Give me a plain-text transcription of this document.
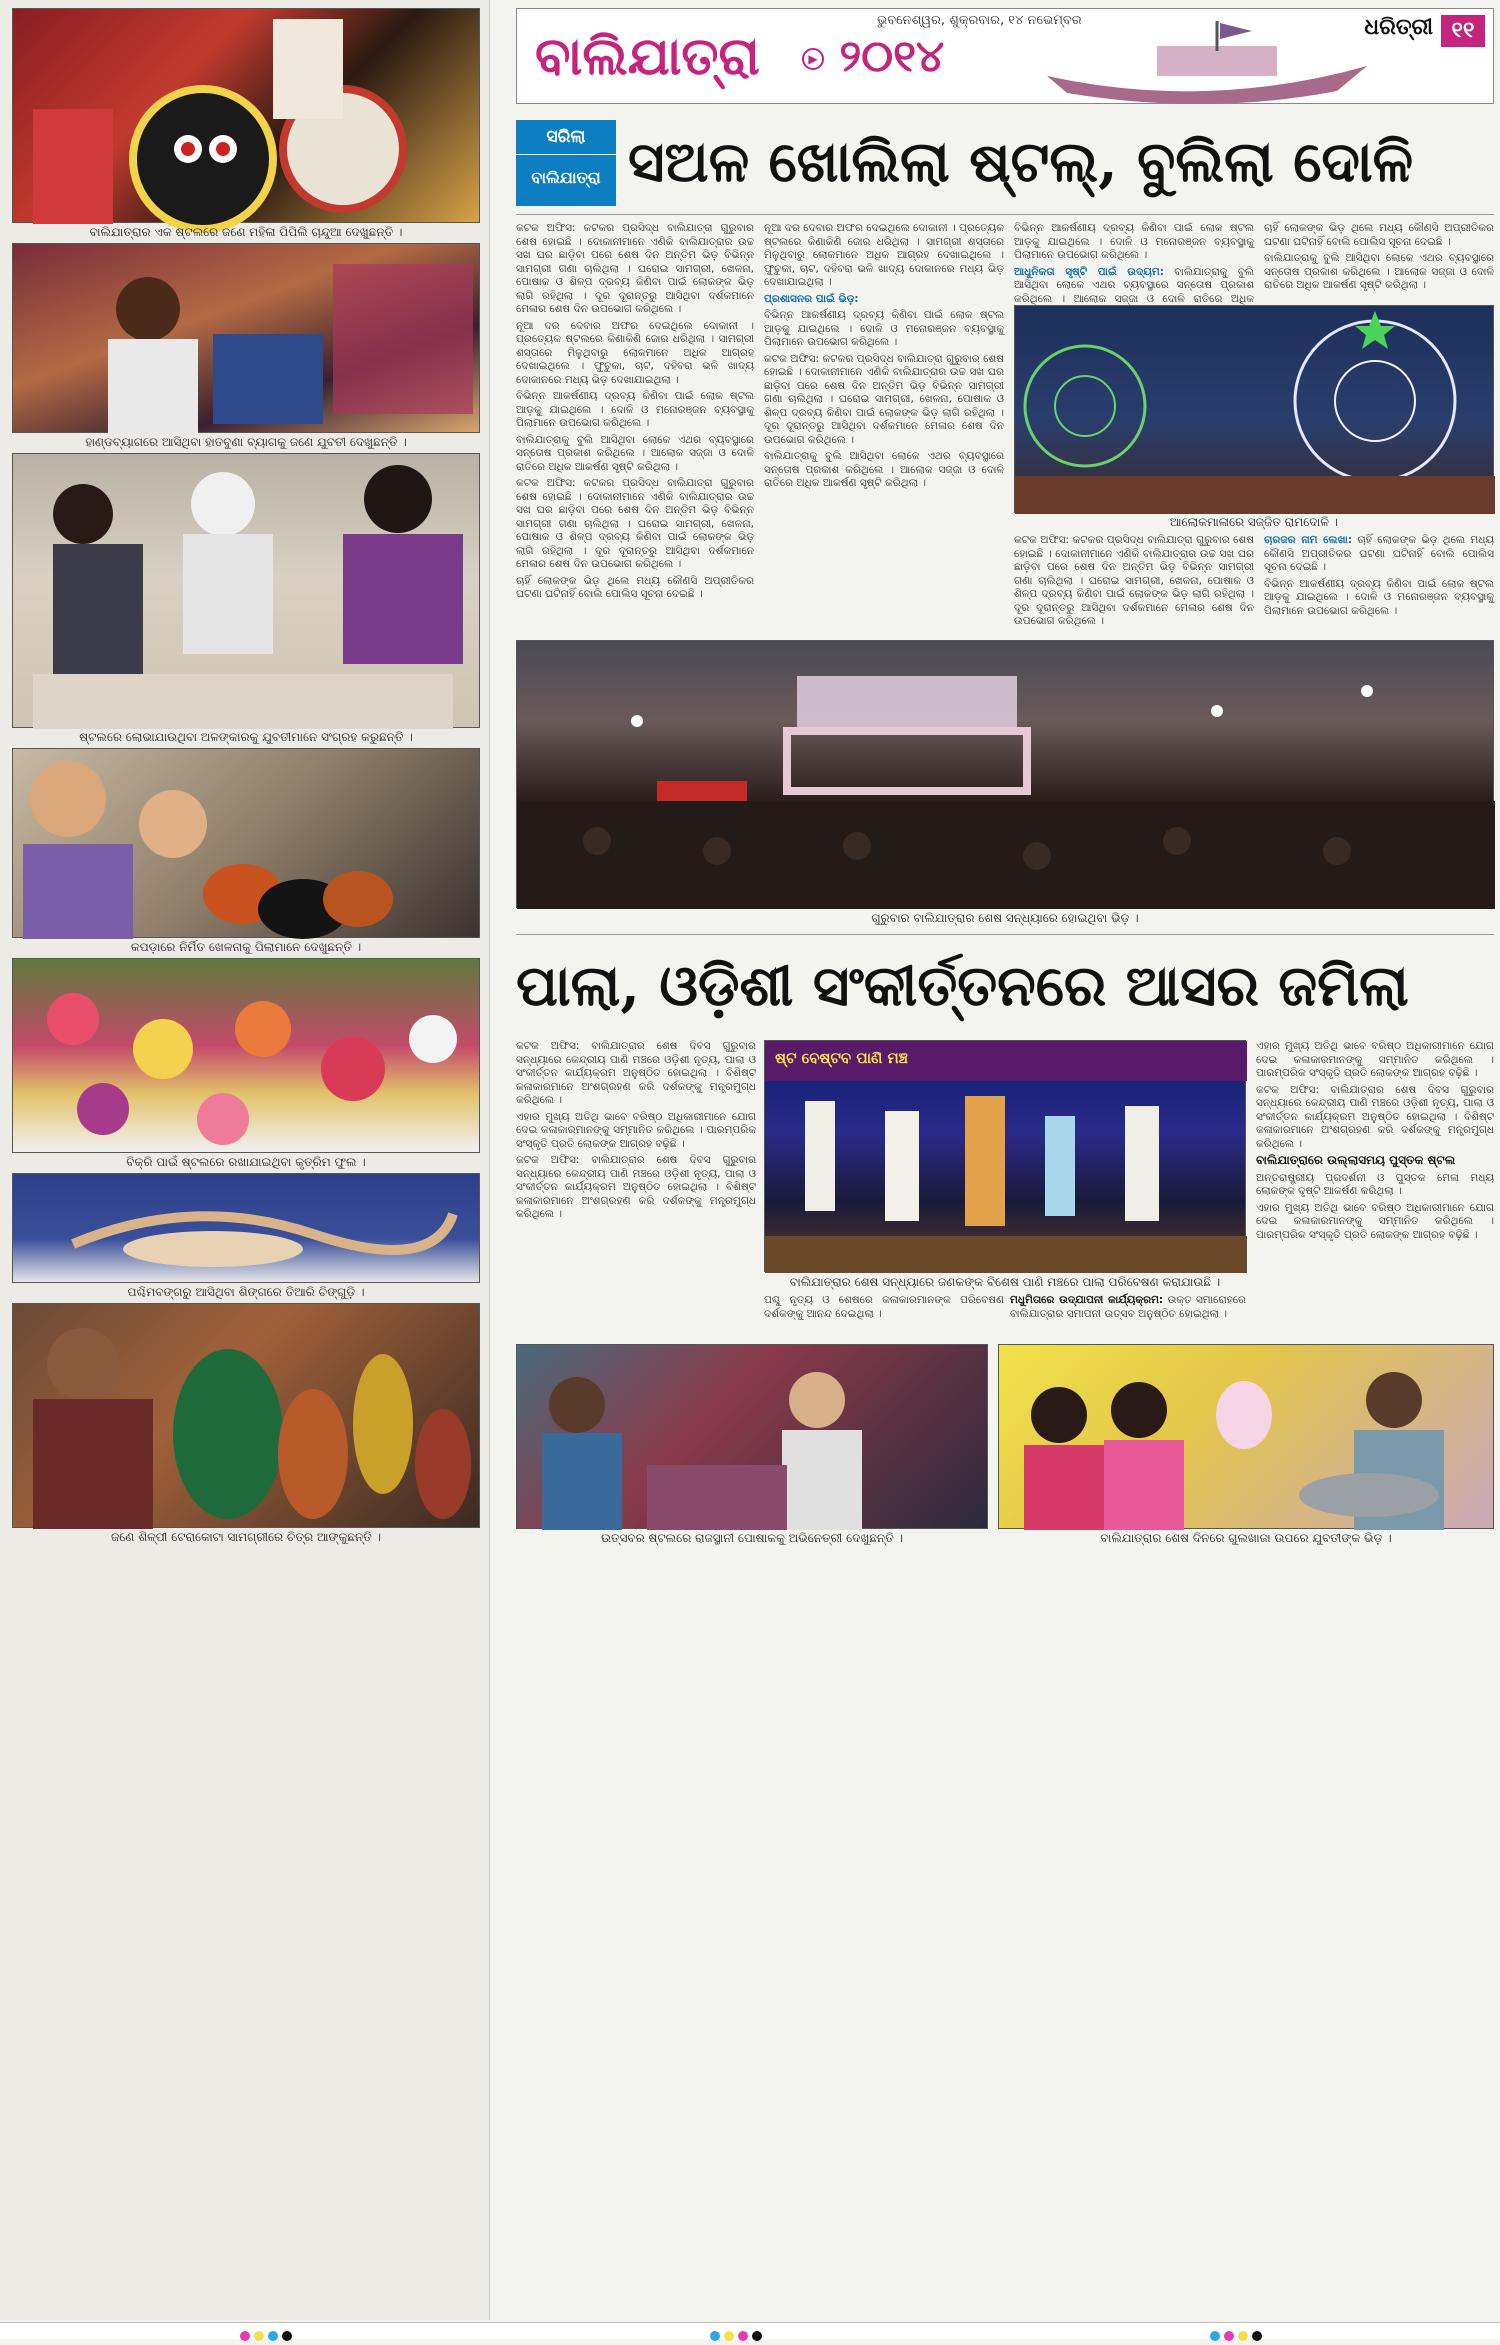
ବାଲିଯାତ୍ରାର ଏକ ଷ୍ଟଲରେ ଜଣେ ମହିଳା ପିପିଲି ଚାନ୍ଦୁଆ ଦେଖୁଛନ୍ତି ।
ହାଣ୍ଡବ୍ୟାଗରେ ଆସିଥିବା ହାତବୁଣା ବ୍ୟାଗକୁ ଜଣେ ଯୁବତୀ ଦେଖୁଛନ୍ତି ।
ଷ୍ଟଲରେ ଲୋଭାଯାଉଥିବା ଅଳଙ୍କାରକୁ ଯୁବତୀମାନେ ସଂଗ୍ରହ କରୁଛନ୍ତି ।
କପଡ଼ାରେ ନିର୍ମିତ ଖେଳନାକୁ ପିଲାମାନେ ଦେଖୁଛନ୍ତି ।
ବିକ୍ରି ପାଇଁ ଷ୍ଟଲରେ ରଖାଯାଇଥିବା କୃତ୍ରିମ ଫୁଲ ।
ପଶ୍ଚିମବଙ୍ଗରୁ ଆସିଥିବା ଶିଙ୍ଗରେ ତିଆରି ଚିଙ୍ଗୁଡ଼ି ।
ଜଣେ ଶିଳ୍ପୀ ଟେରାକୋଟା ସାମଗ୍ରୀରେ ଚିତ୍ର ଆଙ୍କୁଛନ୍ତି ।
ବାଲିଯାତ୍ରା	▶ ୨୦୧୪
ଭୁବନେଶ୍ୱର, ଶୁକ୍ରବାର, ୧୪ ନଭେମ୍ବର	ଧରିତ୍ରୀ ୧୧
ସରିଲା
ବାଲିଯାତ୍ରା ସଅଳ ଖୋଲିଲା ଷ୍ଟଲ୍, ବୁଲିଲା ଦୋଳି

କଟକ ଅଫିସ: କଟକର ପ୍ରସିଦ୍ଧ ବାଲିଯାତ୍ରା ଗୁରୁବାର ଶେଷ ହୋଇଛି । ଦୋକାନୀମାନେ ଏଣିକି ବାଲିଯାତ୍ରାର ଉଚ୍ଚ ସଖ ଘର ଛାଡ଼ିବା ପରେ ଶେଷ ଦିନ ଅନ୍ତିମ ଭିଡ଼ ବିଭିନ୍ନ ସାମଗ୍ରୀ ଗଣା ଚାଲିଥିଲା । ଘରୋଇ ସାମଗ୍ରୀ, ଖେଳନା, ପୋଷାକ ଓ ଶିଳ୍ପ ଦ୍ରବ୍ୟ କିଣିବା ପାଇଁ ଲୋକଙ୍କ ଭିଡ଼ ଲାଗି ରହିଥିଲା । ଦୂର ଦୂରାନ୍ତରୁ ଆସିଥିବା ଦର୍ଶକମାନେ ମେଳାର ଶେଷ ଦିନ ଉପଭୋଗ କରିଥିଲେ ।

ନୂଆ ଦର ଦେବାର ଅଫର ଦେଇଥିଲେ ଦୋକାନୀ । ପ୍ରତ୍ୟେକ ଷ୍ଟଲରେ କିଣାକିଣି ଜୋର ଧରିଥିଲା । ସାମଗ୍ରୀ ଶସ୍ତାରେ ମିଳୁଥିବାରୁ ଲୋକମାନେ ଅଧିକ ଆଗ୍ରହ ଦେଖାଇଥିଲେ । ଫୁଚୁକା, ଚାଟ, ଦହିବରା ଭଳି ଖାଦ୍ୟ ଦୋକାନରେ ମଧ୍ୟ ଭିଡ଼ ଦେଖାଯାଇଥିଲା ।

ବିଭିନ୍ନ ଆକର୍ଷଣୀୟ ଦ୍ରବ୍ୟ କିଣିବା ପାଇଁ ଲୋକ ଷ୍ଟଲ ଆଡ଼କୁ ଯାଇଥିଲେ । ଦୋଳି ଓ ମନୋରଞ୍ଜନ ବ୍ୟବସ୍ଥାକୁ ପିଲାମାନେ ଉପଭୋଗ କରିଥିଲେ ।

ବାଲିଯାତ୍ରାକୁ ବୁଲି ଆସିଥିବା ଲୋକେ ଏଥର ବ୍ୟବସ୍ଥାରେ ସନ୍ତୋଷ ପ୍ରକାଶ କରିଥିଲେ । ଆଲୋକ ସଜ୍ଜା ଓ ଦୋଳି ରାତିରେ ଅଧିକ ଆକର୍ଷଣ ସୃଷ୍ଟି କରିଥିଲା ।

କଟକ ଅଫିସ: କଟକର ପ୍ରସିଦ୍ଧ ବାଲିଯାତ୍ରା ଗୁରୁବାର ଶେଷ ହୋଇଛି । ଦୋକାନୀମାନେ ଏଣିକି ବାଲିଯାତ୍ରାର ଉଚ୍ଚ ସଖ ଘର ଛାଡ଼ିବା ପରେ ଶେଷ ଦିନ ଅନ୍ତିମ ଭିଡ଼ ବିଭିନ୍ନ ସାମଗ୍ରୀ ଗଣା ଚାଲିଥିଲା । ଘରୋଇ ସାମଗ୍ରୀ, ଖେଳନା, ପୋଷାକ ଓ ଶିଳ୍ପ ଦ୍ରବ୍ୟ କିଣିବା ପାଇଁ ଲୋକଙ୍କ ଭିଡ଼ ଲାଗି ରହିଥିଲା । ଦୂର ଦୂରାନ୍ତରୁ ଆସିଥିବା ଦର୍ଶକମାନେ ମେଳାର ଶେଷ ଦିନ ଉପଭୋଗ କରିଥିଲେ ।

ଚାହିଁ ଲୋକଙ୍କ ଭିଡ଼ ଥିଲେ ମଧ୍ୟ କୌଣସି ଅପ୍ରୀତିକର ଘଟଣା ଘଟିନାହିଁ ବୋଲି ପୋଲିସ ସୂଚନା ଦେଇଛି ।

ନୂଆ ଦର ଦେବାର ଅଫର ଦେଇଥିଲେ ଦୋକାନୀ । ପ୍ରତ୍ୟେକ ଷ୍ଟଲରେ କିଣାକିଣି ଜୋର ଧରିଥିଲା । ସାମଗ୍ରୀ ଶସ୍ତାରେ ମିଳୁଥିବାରୁ ଲୋକମାନେ ଅଧିକ ଆଗ୍ରହ ଦେଖାଇଥିଲେ । ଫୁଚୁକା, ଚାଟ, ଦହିବରା ଭଳି ଖାଦ୍ୟ ଦୋକାନରେ ମଧ୍ୟ ଭିଡ଼ ଦେଖାଯାଇଥିଲା ।

ପ୍ରଶାସନର ପାଇଁ ଭିଡ଼:

ବିଭିନ୍ନ ଆକର୍ଷଣୀୟ ଦ୍ରବ୍ୟ କିଣିବା ପାଇଁ ଲୋକ ଷ୍ଟଲ ଆଡ଼କୁ ଯାଇଥିଲେ । ଦୋଳି ଓ ମନୋରଞ୍ଜନ ବ୍ୟବସ୍ଥାକୁ ପିଲାମାନେ ଉପଭୋଗ କରିଥିଲେ ।

କଟକ ଅଫିସ: କଟକର ପ୍ରସିଦ୍ଧ ବାଲିଯାତ୍ରା ଗୁରୁବାର ଶେଷ ହୋଇଛି । ଦୋକାନୀମାନେ ଏଣିକି ବାଲିଯାତ୍ରାର ଉଚ୍ଚ ସଖ ଘର ଛାଡ଼ିବା ପରେ ଶେଷ ଦିନ ଅନ୍ତିମ ଭିଡ଼ ବିଭିନ୍ନ ସାମଗ୍ରୀ ଗଣା ଚାଲିଥିଲା । ଘରୋଇ ସାମଗ୍ରୀ, ଖେଳନା, ପୋଷାକ ଓ ଶିଳ୍ପ ଦ୍ରବ୍ୟ କିଣିବା ପାଇଁ ଲୋକଙ୍କ ଭିଡ଼ ଲାଗି ରହିଥିଲା । ଦୂର ଦୂରାନ୍ତରୁ ଆସିଥିବା ଦର୍ଶକମାନେ ମେଳାର ଶେଷ ଦିନ ଉପଭୋଗ କରିଥିଲେ ।

ବାଲିଯାତ୍ରାକୁ ବୁଲି ଆସିଥିବା ଲୋକେ ଏଥର ବ୍ୟବସ୍ଥାରେ ସନ୍ତୋଷ ପ୍ରକାଶ କରିଥିଲେ । ଆଲୋକ ସଜ୍ଜା ଓ ଦୋଳି ରାତିରେ ଅଧିକ ଆକର୍ଷଣ ସୃଷ୍ଟି କରିଥିଲା ।

ବିଭିନ୍ନ ଆକର୍ଷଣୀୟ ଦ୍ରବ୍ୟ କିଣିବା ପାଇଁ ଲୋକ ଷ୍ଟଲ ଆଡ଼କୁ ଯାଇଥିଲେ । ଦୋଳି ଓ ମନୋରଞ୍ଜନ ବ୍ୟବସ୍ଥାକୁ ପିଲାମାନେ ଉପଭୋଗ କରିଥିଲେ ।

ଆଧୁନିକତା ସୃଷ୍ଟି ପାଇଁ ଉଦ୍ୟମ: ବାଲିଯାତ୍ରାକୁ ବୁଲି ଆସିଥିବା ଲୋକେ ଏଥର ବ୍ୟବସ୍ଥାରେ ସନ୍ତୋଷ ପ୍ରକାଶ କରିଥିଲେ । ଆଲୋକ ସଜ୍ଜା ଓ ଦୋଳି ରାତିରେ ଅଧିକ

ଚାହିଁ ଲୋକଙ୍କ ଭିଡ଼ ଥିଲେ ମଧ୍ୟ କୌଣସି ଅପ୍ରୀତିକର ଘଟଣା ଘଟିନାହିଁ ବୋଲି ପୋଲିସ ସୂଚନା ଦେଇଛି ।

ବାଲିଯାତ୍ରାକୁ ବୁଲି ଆସିଥିବା ଲୋକେ ଏଥର ବ୍ୟବସ୍ଥାରେ ସନ୍ତୋଷ ପ୍ରକାଶ କରିଥିଲେ । ଆଲୋକ ସଜ୍ଜା ଓ ଦୋଳି ରାତିରେ ଅଧିକ ଆକର୍ଷଣ ସୃଷ୍ଟି କରିଥିଲା ।

ଆଲୋକମାଳାରେ ସଜ୍ଜିତ ରାମଦୋଳି ।

କଟକ ଅଫିସ: କଟକର ପ୍ରସିଦ୍ଧ ବାଲିଯାତ୍ରା ଗୁରୁବାର ଶେଷ ହୋଇଛି । ଦୋକାନୀମାନେ ଏଣିକି ବାଲିଯାତ୍ରାର ଉଚ୍ଚ ସଖ ଘର ଛାଡ଼ିବା ପରେ ଶେଷ ଦିନ ଅନ୍ତିମ ଭିଡ଼ ବିଭିନ୍ନ ସାମଗ୍ରୀ ଗଣା ଚାଲିଥିଲା । ଘରୋଇ ସାମଗ୍ରୀ, ଖେଳନା, ପୋଷାକ ଓ ଶିଳ୍ପ ଦ୍ରବ୍ୟ କିଣିବା ପାଇଁ ଲୋକଙ୍କ ଭିଡ଼ ଲାଗି ରହିଥିଲା । ଦୂର ଦୂରାନ୍ତରୁ ଆସିଥିବା ଦର୍ଶକମାନେ ମେଳାର ଶେଷ ଦିନ ଉପଭୋଗ କରିଥିଲେ ।

ଚାରଜର ନାମ ଲେଖା: ଚାହିଁ ଲୋକଙ୍କ ଭିଡ଼ ଥିଲେ ମଧ୍ୟ କୌଣସି ଅପ୍ରୀତିକର ଘଟଣା ଘଟିନାହିଁ ବୋଲି ପୋଲିସ ସୂଚନା ଦେଇଛି ।

ବିଭିନ୍ନ ଆକର୍ଷଣୀୟ ଦ୍ରବ୍ୟ କିଣିବା ପାଇଁ ଲୋକ ଷ୍ଟଲ ଆଡ଼କୁ ଯାଇଥିଲେ । ଦୋଳି ଓ ମନୋରଞ୍ଜନ ବ୍ୟବସ୍ଥାକୁ ପିଲାମାନେ ଉପଭୋଗ କରିଥିଲେ ।

ଗୁରୁବାର ବାଲିଯାତ୍ରାର ଶେଷ ସନ୍ଧ୍ୟାରେ ହୋଇଥିବା ଭିଡ଼ ।
ପାଲା, ଓଡ଼ିଶୀ ସଂକୀର୍ତ୍ତନରେ ଆସର ଜମିଲା

କଟକ ଅଫିସ: ବାଲିଯାତ୍ରାର ଶେଷ ଦିବସ ଗୁରୁବାର ସନ୍ଧ୍ୟାରେ କେନ୍ଦ୍ରୀୟ ପାଣି ମଞ୍ଚରେ ଓଡ଼ିଶୀ ନୃତ୍ୟ, ପାଲା ଓ ସଂକୀର୍ତ୍ତନ କାର୍ଯ୍ୟକ୍ରମ ଅନୁଷ୍ଠିତ ହୋଇଥିଲା । ବିଶିଷ୍ଟ କଳାକାରମାନେ ଅଂଶଗ୍ରହଣ କରି ଦର୍ଶକଙ୍କୁ ମନ୍ତ୍ରମୁଗ୍ଧ କରିଥିଲେ ।

ଏହାର ମୁଖ୍ୟ ଅତିଥି ଭାବେ ବରିଷ୍ଠ ଅଧିକାରୀମାନେ ଯୋଗ ଦେଇ କଳାକାରମାନଙ୍କୁ ସମ୍ମାନିତ କରିଥିଲେ । ପାରମ୍ପରିକ ସଂସ୍କୃତି ପ୍ରତି ଲୋକଙ୍କ ଆଗ୍ରହ ବଢ଼ିଛି ।

କଟକ ଅଫିସ: ବାଲିଯାତ୍ରାର ଶେଷ ଦିବସ ଗୁରୁବାର ସନ୍ଧ୍ୟାରେ କେନ୍ଦ୍ରୀୟ ପାଣି ମଞ୍ଚରେ ଓଡ଼ିଶୀ ନୃତ୍ୟ, ପାଲା ଓ ସଂକୀର୍ତ୍ତନ କାର୍ଯ୍ୟକ୍ରମ ଅନୁଷ୍ଠିତ ହୋଇଥିଲା । ବିଶିଷ୍ଟ କଳାକାରମାନେ ଅଂଶଗ୍ରହଣ କରି ଦର୍ଶକଙ୍କୁ ମନ୍ତ୍ରମୁଗ୍ଧ କରିଥିଲେ ।

ଷ୍ଟ ବେଷ୍ଟବ ପାଣି ମଞ୍ଚ
ବାଲିଯାତ୍ରାର ଶେଷ ସନ୍ଧ୍ୟାରେ ଜଣକଙ୍କ ବିଶେଷ ପାଣି ମଞ୍ଚରେ ପାଲା ପରିବେଷଣ କରାଯାଉଛି ।

ଏହାର ମୁଖ୍ୟ ଅତିଥି ଭାବେ ବରିଷ୍ଠ ଅଧିକାରୀମାନେ ଯୋଗ ଦେଇ କଳାକାରମାନଙ୍କୁ ସମ୍ମାନିତ କରିଥିଲେ । ପାରମ୍ପରିକ ସଂସ୍କୃତି ପ୍ରତି ଲୋକଙ୍କ ଆଗ୍ରହ ବଢ଼ିଛି ।

କଟକ ଅଫିସ: ବାଲିଯାତ୍ରାର ଶେଷ ଦିବସ ଗୁରୁବାର ସନ୍ଧ୍ୟାରେ କେନ୍ଦ୍ରୀୟ ପାଣି ମଞ୍ଚରେ ଓଡ଼ିଶୀ ନୃତ୍ୟ, ପାଲା ଓ ସଂକୀର୍ତ୍ତନ କାର୍ଯ୍ୟକ୍ରମ ଅନୁଷ୍ଠିତ ହୋଇଥିଲା । ବିଶିଷ୍ଟ କଳାକାରମାନେ ଅଂଶଗ୍ରହଣ କରି ଦର୍ଶକଙ୍କୁ ମନ୍ତ୍ରମୁଗ୍ଧ କରିଥିଲେ ।

ବାଲିଯାତ୍ରାରେ ଉଲ୍ଲାସମୟ ପୁସ୍ତକ ଷ୍ଟଲ

ଅନ୍ତରାଷ୍ଟ୍ରୀୟ ପ୍ରଦର୍ଶନୀ ଓ ପୁସ୍ତକ ମେଳା ମଧ୍ୟ ଲୋକଙ୍କ ଦୃଷ୍ଟି ଆକର୍ଷଣ କରିଥିଲା ।

ଏହାର ମୁଖ୍ୟ ଅତିଥି ଭାବେ ବରିଷ୍ଠ ଅଧିକାରୀମାନେ ଯୋଗ ଦେଇ କଳାକାରମାନଙ୍କୁ ସମ୍ମାନିତ କରିଥିଲେ । ପାରମ୍ପରିକ ସଂସ୍କୃତି ପ୍ରତି ଲୋକଙ୍କ ଆଗ୍ରହ ବଢ଼ିଛି ।

ପଶ୍ଚୁ ନୃତ୍ୟ ଓ ଶେଷରେ କଳାକାରମାନଙ୍କ ପରିବେଷଣ ଦର୍ଶକଙ୍କୁ ଆନନ୍ଦ ଦେଇଥିଲା ।

ମଧୁମିତାରେ ଉଦ୍ଯାପନୀ କାର୍ଯ୍ୟକ୍ରମ: ଉକ୍ତ ସମାରୋହରେ ବାଲିଯାତ୍ରାର ସମାପନୀ ଉତ୍ସବ ଅନୁଷ୍ଠିତ ହୋଇଥିଲା ।

ଉତ୍ସବର ଷ୍ଟଲରେ ରାଜସ୍ଥାନୀ ପୋଷାକକୁ ଅଭିନେତ୍ରୀ ଦେଖୁଛନ୍ତି ।	ବାଲିଯାତ୍ରାର ଶେଷ ଦିନରେ ଗୁଲଖାଜା ଉପରେ ଯୁବତୀଙ୍କ ଭିଡ଼ ।
